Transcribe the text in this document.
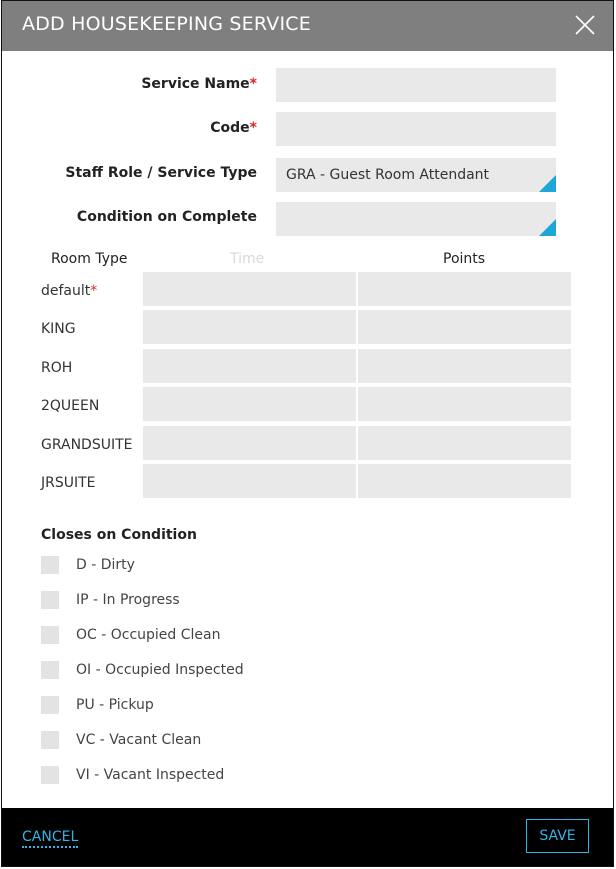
ADD HOUSEKEEPING SERVICE
Service Name*
Code*
Staff Role / Service Type GRA - Guest Room Attendant
Condition on Complete
Room Type	Time	Points
default*
KING
ROH
2QUEEN
GRANDSUITE
JRSUITE
Closes on Condition
D - Dirty
IP - In Progress
OC - Occupied Clean
OI - Occupied Inspected
PU - Pickup
VC - Vacant Clean
VI - Vacant Inspected
CANCEL	SAVE
